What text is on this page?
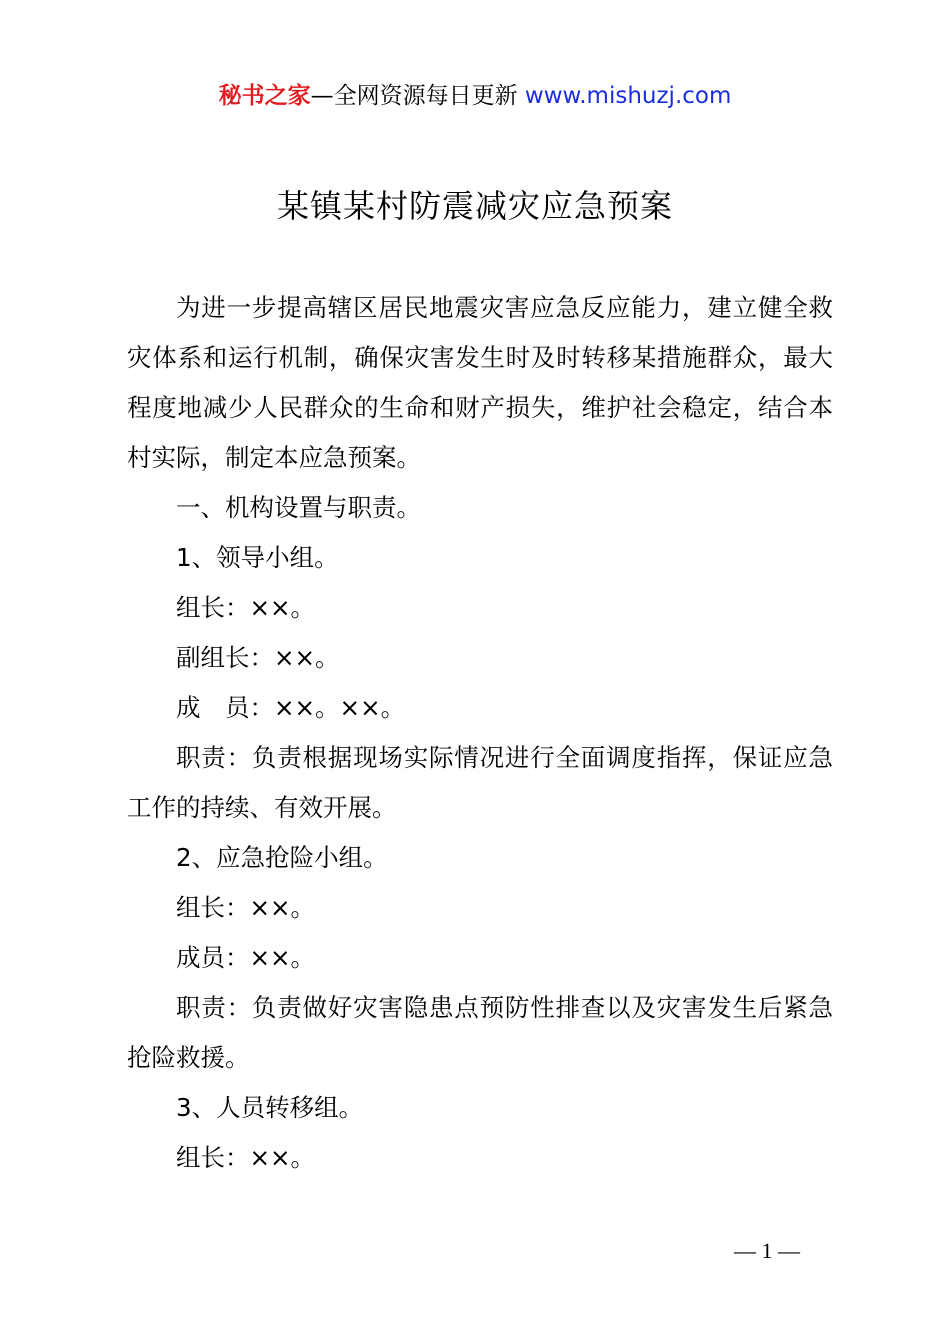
秘书之家—全网资源每日更新 www.mishuzj.com
某镇某村防震减灾应急预案

为进一步提高辖区居民地震灾害应急反应能力，建立健全救灾体系和运行机制，确保灾害发生时及时转移某措施群众，最大程度地减少人民群众的生命和财产损失，维护社会稳定，结合本村实际，制定本应急预案。

一、机构设置与职责。

1、领导小组。

组长：××。

副组长：××。

成　员：××。××。

职责：负责根据现场实际情况进行全面调度指挥，保证应急工作的持续、有效开展。

2、应急抢险小组。

组长：××。

成员：××。

职责：负责做好灾害隐患点预防性排查以及灾害发生后紧急抢险救援。

3、人员转移组。

组长：××。

— 1 —
